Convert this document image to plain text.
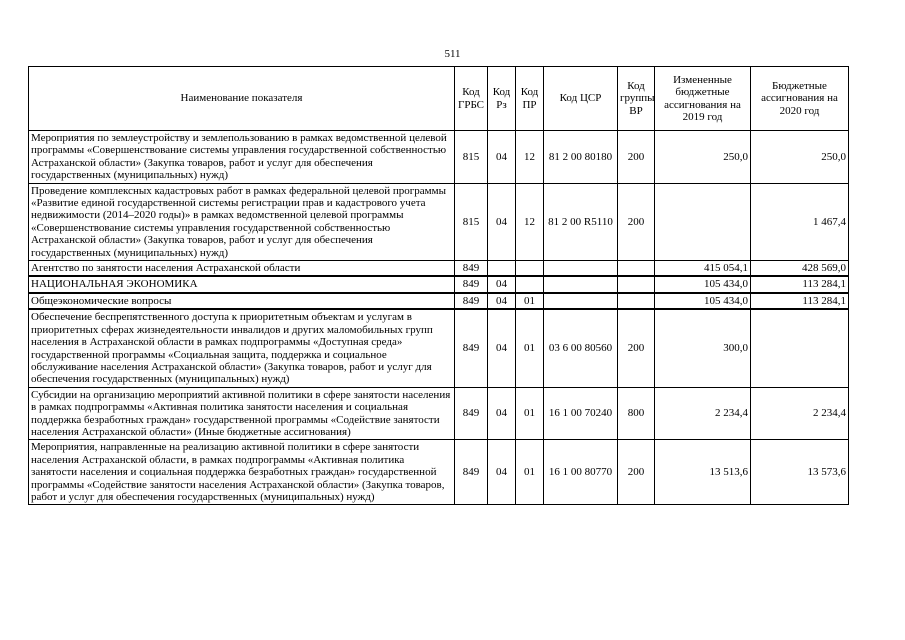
511
Наименование показателя	Код ГРБС	Код Рз	Код ПР	Код ЦСР	Код группы ВР	Измененные бюджетные ассигнования на 2019 год	Бюджетные ассигнования на 2020 год
Мероприятия по землеустройству и землепользованию в рамках ведомственной целевой программы «Совершенствование системы управления государственной собственностью Астраханской области» (Закупка товаров, работ и услуг для обеспечения государственных (муниципальных) нужд)	815	04	12	81 2 00 80180	200	250,0	250,0
Проведение комплексных кадастровых работ в рамках федеральной целевой программы «Развитие единой государственной системы регистрации прав и кадастрового учета недвижимости (2014–2020 годы)» в рамках ведомственной целевой программы «Совершенствование системы управления государственной собственностью Астраханской области» (Закупка товаров, работ и услуг для обеспечения государственных (муниципальных) нужд)	815	04	12	81 2 00 R5110	200		1 467,4
Агентство по занятости населения Астраханской области	849					415 054,1	428 569,0
НАЦИОНАЛЬНАЯ ЭКОНОМИКА	849	04				105 434,0	113 284,1
Общеэкономические вопросы	849	04	01			105 434,0	113 284,1
Обеспечение беспрепятственного доступа к приоритетным объектам и услугам в приоритетных сферах жизнедеятельности инвалидов и других маломобильных групп населения в Астраханской области в рамках подпрограммы «Доступная среда» государственной программы «Социальная защита, поддержка и социальное обслуживание населения Астраханской области» (Закупка товаров, работ и услуг для обеспечения государственных (муниципальных) нужд)	849	04	01	03 6 00 80560	200	300,0	
Субсидии на организацию мероприятий активной политики в сфере занятости населения в рамках подпрограммы «Активная политика занятости населения и социальная поддержка безработных граждан» государственной программы «Содействие занятости населения Астраханской области» (Иные бюджетные ассигнования)	849	04	01	16 1 00 70240	800	2 234,4	2 234,4
Мероприятия, направленные на реализацию активной политики в сфере занятости населения Астраханской области, в рамках подпрограммы «Активная политика занятости населения и социальная поддержка безработных граждан» государственной программы «Содействие занятости населения Астраханской области» (Закупка товаров, работ и услуг для обеспечения государственных (муниципальных) нужд)	849	04	01	16 1 00 80770	200	13 513,6	13 573,6
